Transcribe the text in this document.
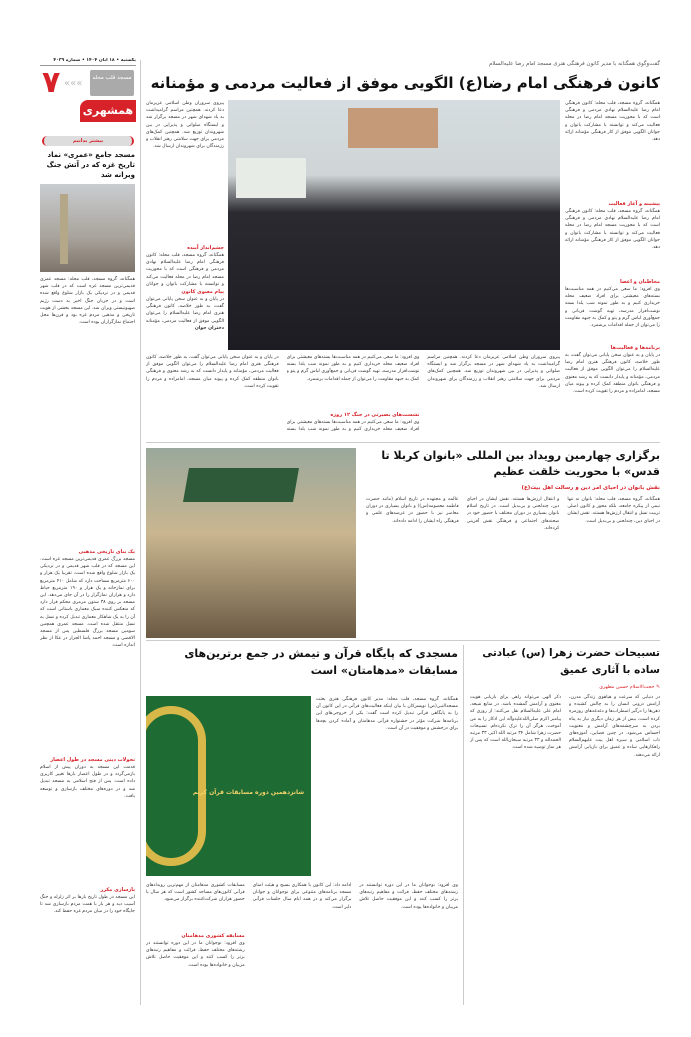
یکشنبه • ۱۸ آبان ۱۴۰۴ • شماره ۴۰۲۹
۷ «««	مسجد قلب محله
همشهری
بیشتر بدانیم
مسجد جامع «عمری» نماد تاریخ غزه که در آتش جنگ ویرانه شد
همگنانه، گروه مسجد، قلب محله: مسجد عمری قدیمی‌ترین مسجد غزه است که در قلب شهر قدیمی و در نزدیکی یک بازار شلوغ واقع شده است و در جریان جنگ اخیر به دست رژیم صهیونیستی ویران شد. این مسجد بخشی از هویت تاریخی و مذهبی مردم غزه بود و قرن‌ها محل اجتماع نمازگزاران بوده است.
یک بنای تاریخی مذهبی
مسجد بزرگ عمری قدیمی‌ترین مسجد غزه است. این مسجد که در قلب شهر قدیمی و در نزدیکی یک بازار شلوغ واقع شده است، تقریبا یک هزار و ۶۰۰ مترمربع مساحت دارد که شامل ۴۱۰ مترمربع برای نمازخانه و یک هزار و ۱۹۰ مترمربع حیاط دارد و هزاران نمازگزار را در آن جای می‌دهد. این مسجد بر روی ۳۸ ستون مرمری محکم قرار دارد که منعکس کننده سبک معماری باستانی است که آن را به یک شاهکار معماری تبدیل کرده و نسل به نسل منتقل شده است. مسجد عمری همچنین سومین مسجد بزرگ فلسطین پس از مسجد الاقصی و مسجد احمد پاشا الجزار در عکا از نظر اندازه است.
تحولات دینی مسجد در طول اعصار
قدمت این مسجد به دوران پیش از اسلام بازمی‌گردد و در طول اعصار بارها تغییر کاربری داده است. پس از فتح اسلامی به مسجد تبدیل شد و در دوره‌های مختلف بازسازی و توسعه یافت.
بازسازی مکرر
این مسجد در طول تاریخ بارها بر اثر زلزله و جنگ آسیب دید و هر بار با همت مردم بازسازی شد تا جایگاه خود را در میان مردم غزه حفظ کند.
گفت‌وگوی همگنانه با مدیر کانون فرهنگی هنری مسجد امام رضا علیه‌السلام
کانون فرهنگی امام رضا(ع) الگویی موفق از فعالیت مردمی و مؤمنانه
همگنانه، گروه مسجد، قلب محله: کانون فرهنگی امام رضا علیه‌السلام نهادی مردمی و فرهنگی است که با محوریت مسجد امام رضا در محله فعالیت می‌کند و توانسته با مشارکت بانوان و جوانان الگویی موفق از کار فرهنگی مؤمنانه ارائه دهد.
پیشینه و آغاز فعالیت
همگنانه، گروه مسجد، قلب محله: کانون فرهنگی امام رضا علیه‌السلام نهادی مردمی و فرهنگی است که با محوریت مسجد امام رضا در محله فعالیت می‌کند و توانسته با مشارکت بانوان و جوانان الگویی موفق از کار فرهنگی مؤمنانه ارائه دهد.
مخاطبان و اعضا
وی افزود: ما سعی می‌کنیم در همه مناسبت‌ها بسته‌های معیشتی برای افراد ضعیف محله خریداری کنیم و به طور نمونه شب یلدا بسته نوشت‌افزار مدرسه، تهیه گوشت قربانی و جمع‌آوری لباس گرم و پتو و کمک به جبهه مقاومت را می‌توان از جمله اقدامات برشمرد.
برنامه‌ها و فعالیت‌ها
در پایان و به عنوان سخن پایانی می‌توان گفت، به طور خلاصه، کانون فرهنگی هنری امام رضا علیه‌السلام را می‌توان الگویی موفق از فعالیت مردمی، مؤمنانه و پایدار دانست که به رشد معنوی و فرهنگی بانوان منطقه کمک کرده و پیوند میان مسجد، امامزاده و مردم را تقویت کرده است.
پیروی سروران وطن اسلامی عزیزمان دعا کردند. همچنین مراسم گرامیداشت به یاد شهدای شهر در مسجد برگزار شد و ایستگاه صلواتی و پذیرایی در بین شهروندان توزیع شد. همچنین کمک‌های مردمی برای جهت سلامتی رهبر انقلاب و رزمندگان برای شهروندان ارسال شد.
چشم‌انداز آینده
همگنانه، گروه مسجد، قلب محله: کانون فرهنگی امام رضا علیه‌السلام نهادی مردمی و فرهنگی است که با محوریت مسجد امام رضا در محله فعالیت می‌کند و توانسته با مشارکت بانوان و جوانان
پیام معنوی کانون
در پایان و به عنوان سخن پایانی می‌توان گفت، به طور خلاصه، کانون فرهنگی هنری امام رضا علیه‌السلام را می‌توان الگویی موفق از فعالیت مردمی، مؤمنانه
دختران جوان
پیروی سروران وطن اسلامی عزیزمان دعا کردند. همچنین مراسم گرامیداشت به یاد شهدای شهر در مسجد برگزار شد و ایستگاه صلواتی و پذیرایی در بین شهروندان توزیع شد. همچنین کمک‌های مردمی برای جهت سلامتی رهبر انقلاب و رزمندگان برای شهروندان ارسال شد.
وی افزود: ما سعی می‌کنیم در همه مناسبت‌ها بسته‌های معیشتی برای افراد ضعیف محله خریداری کنیم و به طور نمونه شب یلدا بسته نوشت‌افزار مدرسه، تهیه گوشت قربانی و جمع‌آوری لباس گرم و پتو و کمک به جبهه مقاومت را می‌توان از جمله اقدامات برشمرد.
نشست‌های بصیرتی در جنگ ۱۲ روزه
وی افزود: ما سعی می‌کنیم در همه مناسبت‌ها بسته‌های معیشتی برای افراد ضعیف محله خریداری کنیم و به طور نمونه شب یلدا بسته
در پایان و به عنوان سخن پایانی می‌توان گفت، به طور خلاصه، کانون فرهنگی هنری امام رضا علیه‌السلام را می‌توان الگویی موفق از فعالیت مردمی، مؤمنانه و پایدار دانست که به رشد معنوی و فرهنگی بانوان منطقه کمک کرده و پیوند میان مسجد، امامزاده و مردم را تقویت کرده است.
برگزاری چهارمین رویداد بین المللی «بانوان کربلا تا قدس» با محوریت خلقت عظیم
نقش بانوان در احیای امر دین و رسالت اهل بیت(ع)
همگنانه، گروه مسجد، قلب محله: بانوان نه تنها نیمی از پیکره جامعه، بلکه محور و کانون اصلی تربیت نسل و انتقال ارزش‌ها هستند. نقش ایشان در احیای دین، چندلحنی و بی‌بدیل است.
و انتقال ارزش‌ها هستند. نقش ایشان در احیای دین، چندلحنی و بی‌بدیل است. در تاریخ اسلام بانوان بسیاری در دوران مختلف با حضور خود در صحنه‌های اجتماعی و فرهنگی نقش آفرینی کرده‌اند.
عالمه و مجتهده در تاریخ اسلام (مانند حضرت فاطمه معصومه(س)) و بانوان بسیاری در دوران معاصر نیز با حضور در عرصه‌های علمی و فرهنگی راه ایشان را ادامه داده‌اند.
تسبیحات حضرت زهرا (س) عبادتی ساده با آثاری عمیق
✎ حجت‌الاسلام حسین مطهری
در دنیایی که سرعت و هیاهوی زندگی مدرن، آرامش درونی انسان را به چالش کشیده و ذهن‌ها را درگیر اضطراب‌ها و دغدغه‌های روزمره کرده است، بیش از هر زمان دیگری نیاز به پناه بردن به سرچشمه‌های آرامش و معنویت احساس می‌شود. در چنین فضایی، آموزه‌های ناب اسلامی و سیره اهل بیت علیهم‌السلام راهکارهایی ساده و عمیق برای بازیابی آرامش ارائه می‌دهند.
ذکر الهی می‌تواند راهی برای بازیابی هویت معنوی و آرامش گمشده باشد. در منابع شیعه، امام علی علیه‌السلام نقل می‌کنند: از روزی که پیامبر اکرم صلی‌الله‌علیه‌وآله این اذکار را به من آموخت، هرگز آن را ترک نکرده‌ام. تسبیحات حضرت زهرا شامل ۳۴ مرتبه الله اکبر، ۳۳ مرتبه الحمدلله و ۳۳ مرتبه سبحان‌الله است که پس از هر نماز توصیه شده است.
مسجدی که پایگاه قرآن و تیمش در جمع برترین‌های مسابقات «مدهامتان» است
شانزدهمین دوره مسابقات قرآن کریم
همگنانه، گروه مسجد، قلب محله: مدیر کانون فرهنگی هنری بعثت مسجدالنبی(ص) نویسرکان با بیان اینکه فعالیت‌های قرآنی در این کانون آن را به پایگاهی قرآنی تبدیل کرده است گفت: یکی از خروجی‌های این برنامه‌ها شرکت مؤثر در جشنواره قرآنی مدهامتان و آماده کردن بچه‌ها برای درخشش و موفقیت در آن است.
وی افزود: نوجوانان ما در این دوره توانستند در رشته‌های مختلف حفظ، قرائت و مفاهیم رتبه‌های برتر را کسب کنند و این موفقیت حاصل تلاش مربیان و خانواده‌ها بوده است.
ادامه داد: این کانون با همکاری بسیج و هیئت امنای مسجد برنامه‌های متنوعی برای نوجوانان و جوانان برگزار می‌کند و در همه ایام سال جلسات قرآنی دایر است.
مسابقات کشوری مدهامتان از مهم‌ترین رویدادهای قرآنی کانون‌های مساجد کشور است که هر سال با حضور هزاران شرکت‌کننده برگزار می‌شود.
مسابقه کشوری مدهامتان
وی افزود: نوجوانان ما در این دوره توانستند در رشته‌های مختلف حفظ، قرائت و مفاهیم رتبه‌های برتر را کسب کنند و این موفقیت حاصل تلاش مربیان و خانواده‌ها بوده است.
